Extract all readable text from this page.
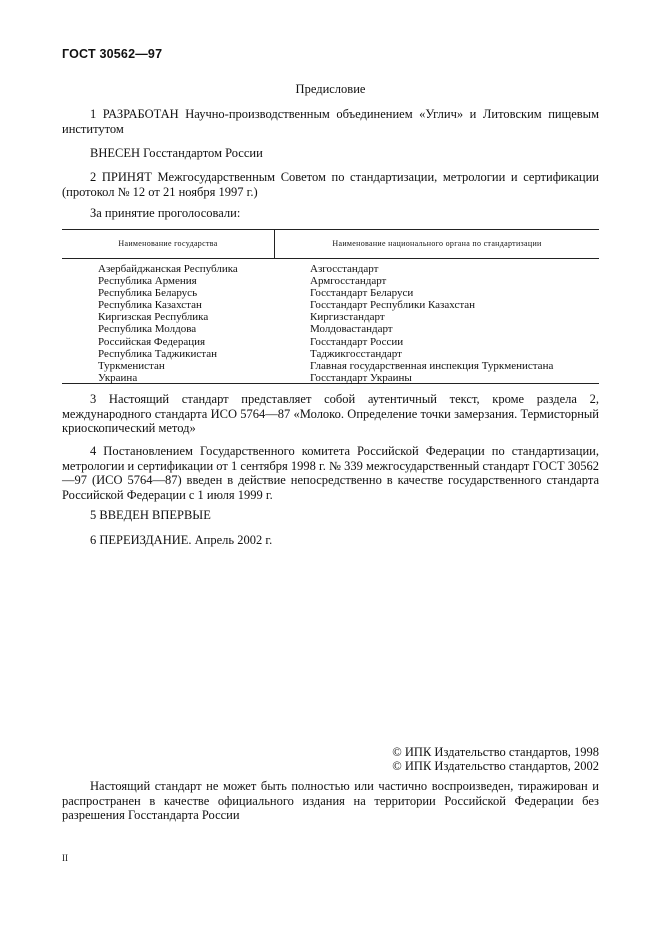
ГОСТ 30562—97
Предисловие

1 РАЗРАБОТАН Научно-производственным объединением «Углич» и Литовским пищевым институтом

ВНЕСЕН Госстандартом России

2 ПРИНЯТ Межгосударственным Советом по стандартизации, метрологии и сертификации (протокол № 12 от 21 ноября 1997 г.)

За принятие проголосовали:

Наименование государства	Наименование национального органа по стандартизации
Азербайджанская Республика	Азгосстандарт
Республика Армения	Армгосстандарт
Республика Беларусь	Госстандарт Беларуси
Республика Казахстан	Госстандарт Республики Казахстан
Киргизская Республика	Киргизстандарт
Республика Молдова	Молдовастандарт
Российская Федерация	Госстандарт России
Республика Таджикистан	Таджикгосстандарт
Туркменистан	Главная государственная инспекция Туркменистана
Украина	Госстандарт Украины

3 Настоящий стандарт представляет собой аутентичный текст, кроме раздела 2, международного стандарта ИСО 5764—87 «Молоко. Определение точки замерзания. Термисторный криоскопический метод»

4 Постановлением Государственного комитета Российской Федерации по стандартизации, метрологии и сертификации от 1 сентября 1998 г. № 339 межгосударственный стандарт ГОСТ 30562—97 (ИСО 5764—87) введен в действие непосредственно в качестве государственного стандарта Российской Федерации с 1 июля 1999 г.

5 ВВЕДЕН ВПЕРВЫЕ

6 ПЕРЕИЗДАНИЕ. Апрель 2002 г.

© ИПК Издательство стандартов, 1998
© ИПК Издательство стандартов, 2002

Настоящий стандарт не может быть полностью или частично воспроизведен, тиражирован и распространен в качестве официального издания на территории Российской Федерации без разрешения Госстандарта России

II
